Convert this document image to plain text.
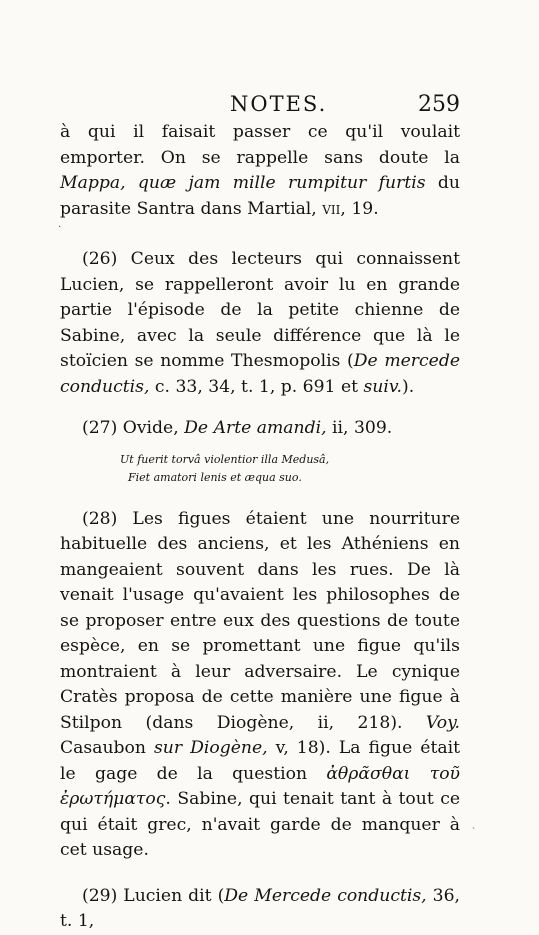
NOTES.	259

à qui il faisait passer ce qu'il voulait emporter. On se rappelle sans doute la Mappa, quæ jam mille rumpitur furtis du parasite Santra dans Martial, vii, 19.

(26) Ceux des lecteurs qui connaissent Lucien, se rappelleront avoir lu en grande partie l'épisode de la petite chienne de Sabine, avec la seule différence que là le stoïcien se nomme Thesmopolis (De mercede conductis, c. 33, 34, t. 1, p. 691 et suiv.).

(27) Ovide, De Arte amandi, ii, 309.

Ut fuerit torvâ violentior illa Medusâ,
Fiet amatori lenis et æqua suo.

(28) Les figues étaient une nourriture habituelle des anciens, et les Athéniens en mangeaient souvent dans les rues. De là venait l'usage qu'avaient les philosophes de se proposer entre eux des questions de toute espèce, en se promettant une figue qu'ils montraient à leur adversaire. Le cynique Cratès proposa de cette manière une figue à Stilpon (dans Diogène, ii, 218). Voy. Casaubon sur Diogène, v, 18). La figue était le gage de la question ἀθρᾶσθαι τοῦ ἐρωτήματος. Sabine, qui tenait tant à tout ce qui était grec, n'avait garde de manquer à cet usage.

(29) Lucien dit (De Mercede conductis, 36, t. 1,

·
˴
